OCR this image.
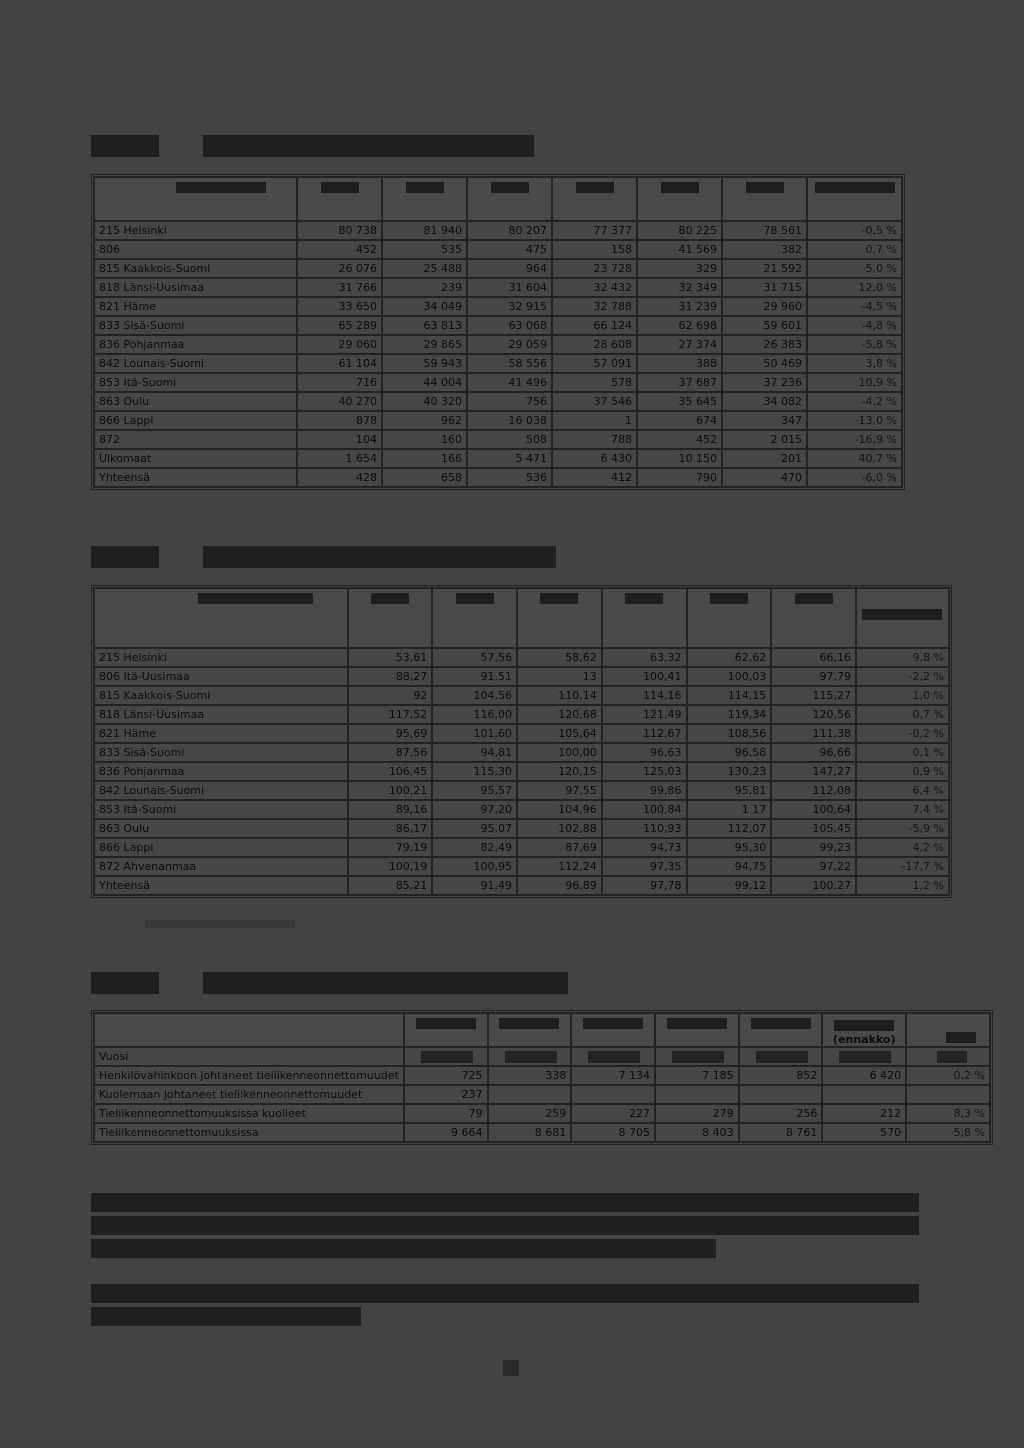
215 Helsinki	80 738	81 940	80 207	77 377	80 225	78 561	-0,5 %
806	452	535	475	158	41 569	382	0,7 %
815 Kaakkois-Suomi	26 076	25 488	964	23 728	329	21 592	5,0 %
818 Länsi-Uusimaa	31 766	239	31 604	32 432	32 349	31 715	12,0 %
821 Häme	33 650	34 049	32 915	32 788	31 239	29 960	-4,5 %
833 Sisä-Suomi	65 289	63 813	63 068	66 124	62 698	59 601	-4,8 %
836 Pohjanmaa	29 060	29 865	29 059	28 608	27 374	26 383	-5,8 %
842 Lounais-Suomi	61 104	59 943	58 556	57 091	388	50 469	3,8 %
853 Itä-Suomi	716	44 004	41 496	578	37 687	37 236	10,9 %
863 Oulu	40 270	40 320	756	37 546	35 645	34 082	-4,2 %
866 Lappi	878	962	16 038	1	674	347	-13,0 %
872	104	160	508	788	452	2 015	-16,9 %
Ulkomaat	1 654	166	5 471	6 430	10 150	201	40,7 %
Yhteensä	428	658	536	412	790	470	-6,0 %

215 Helsinki	53,61	57,56	58,62	63,32	62,62	66,16	9,8 %
806 Itä-Uusimaa	88,27	91,51	13	100,41	100,03	97,79	-2,2 %
815 Kaakkois-Suomi	92	104,56	110,14	114,16	114,15	115,27	1,0 %
818 Länsi-Uusimaa	117,52	116,00	120,68	121,49	119,34	120,56	0,7 %
821 Häme	95,69	101,60	105,64	112,67	108,56	111,38	-0,2 %
833 Sisä-Suomi	87,56	94,81	100,00	96,63	96,58	96,66	0,1 %
836 Pohjanmaa	106,45	115,30	120,15	125,03	130,23	147,27	0,9 %
842 Lounais-Suomi	100,21	95,57	97,55	99,86	95,81	112,08	6,4 %
853 Itä-Suomi	89,16	97,20	104,96	100,84	1 17	100,64	7,4 %
863 Oulu	86,17	95,07	102,88	110,93	112,07	105,45	-5,9 %
866 Lappi	79,19	82,49	87,69	94,73	95,30	99,23	4,2 %
872 Ahvenanmaa	100,19	100,95	112,24	97,35	94,75	97,22	-17,7 %
Yhteensä	85,21	91,49	96,89	97,78	99,12	100,27	1,2 %

(ennakko)	
Vuosi							
Henkilövahinkoon johtaneet tieliikenneonnettomuudet	725	338	7 134	7 185	852	6 420	0,2 %
Kuolemaan johtaneet tieliikenneonnettomuudet	237						
Tieliikenneonnettomuuksissa kuolleet	79	259	227	279	256	212	8,3 %
Tieliikenneonnettomuuksissa	9 664	8 681	8 705	8 403	8 761	570	5,8 %
